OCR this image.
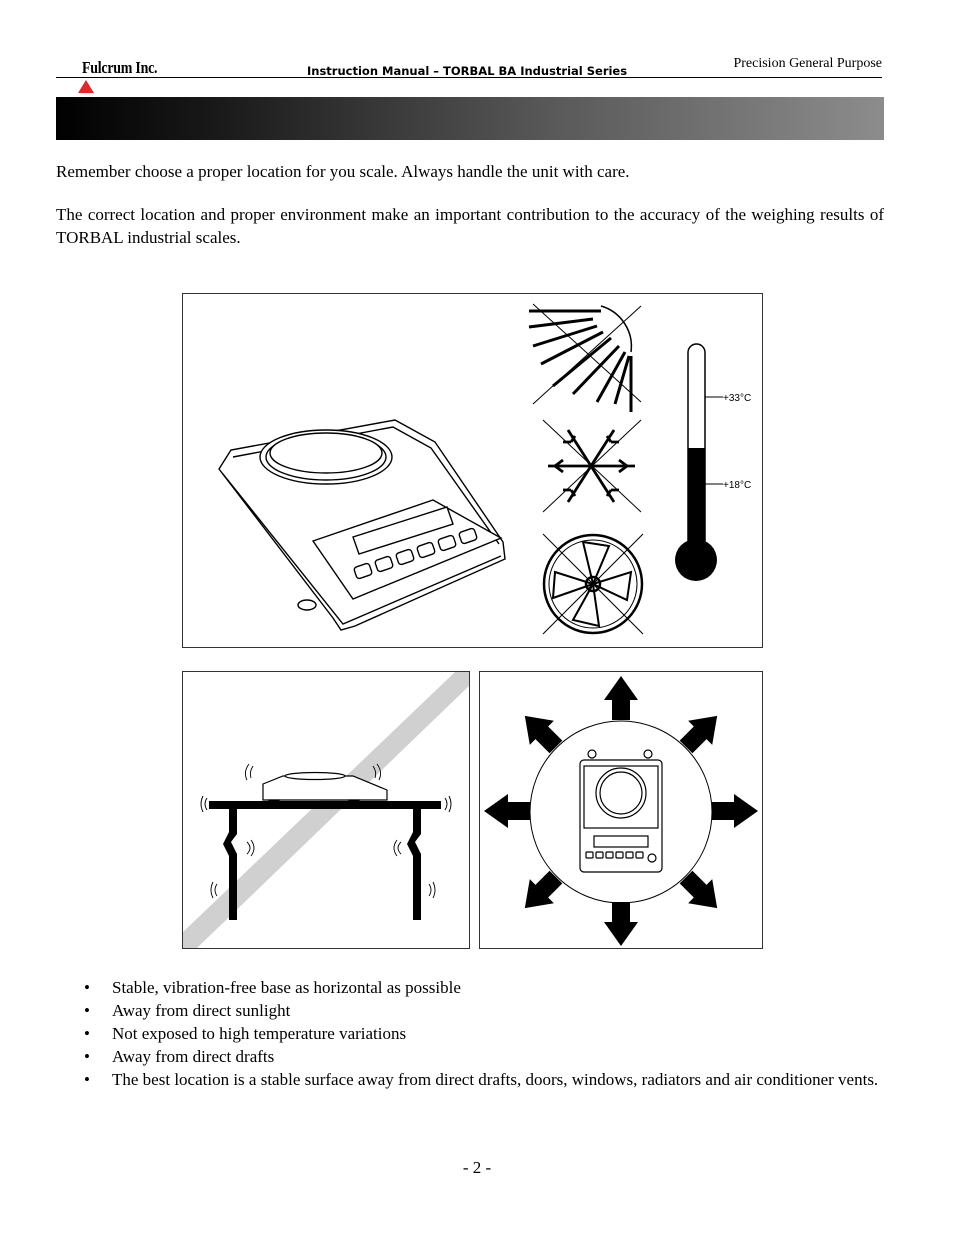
Fulcrum Inc.	Instruction Manual – TORBAL BA Industrial Series	Precision General Purpose

Remember choose a proper location for you scale. Always handle the unit with care.

The correct location and proper environment make an important contribution to the accuracy of the weighing results of TORBAL industrial scales.

+33°C
+18°C
• Stable, vibration-free base as horizontal as possible
• Away from direct sunlight
• Not exposed to high temperature variations
• Away from direct drafts
• The best location is a stable surface away from direct drafts, doors, windows, radiators and air conditioner vents.
- 2 -
